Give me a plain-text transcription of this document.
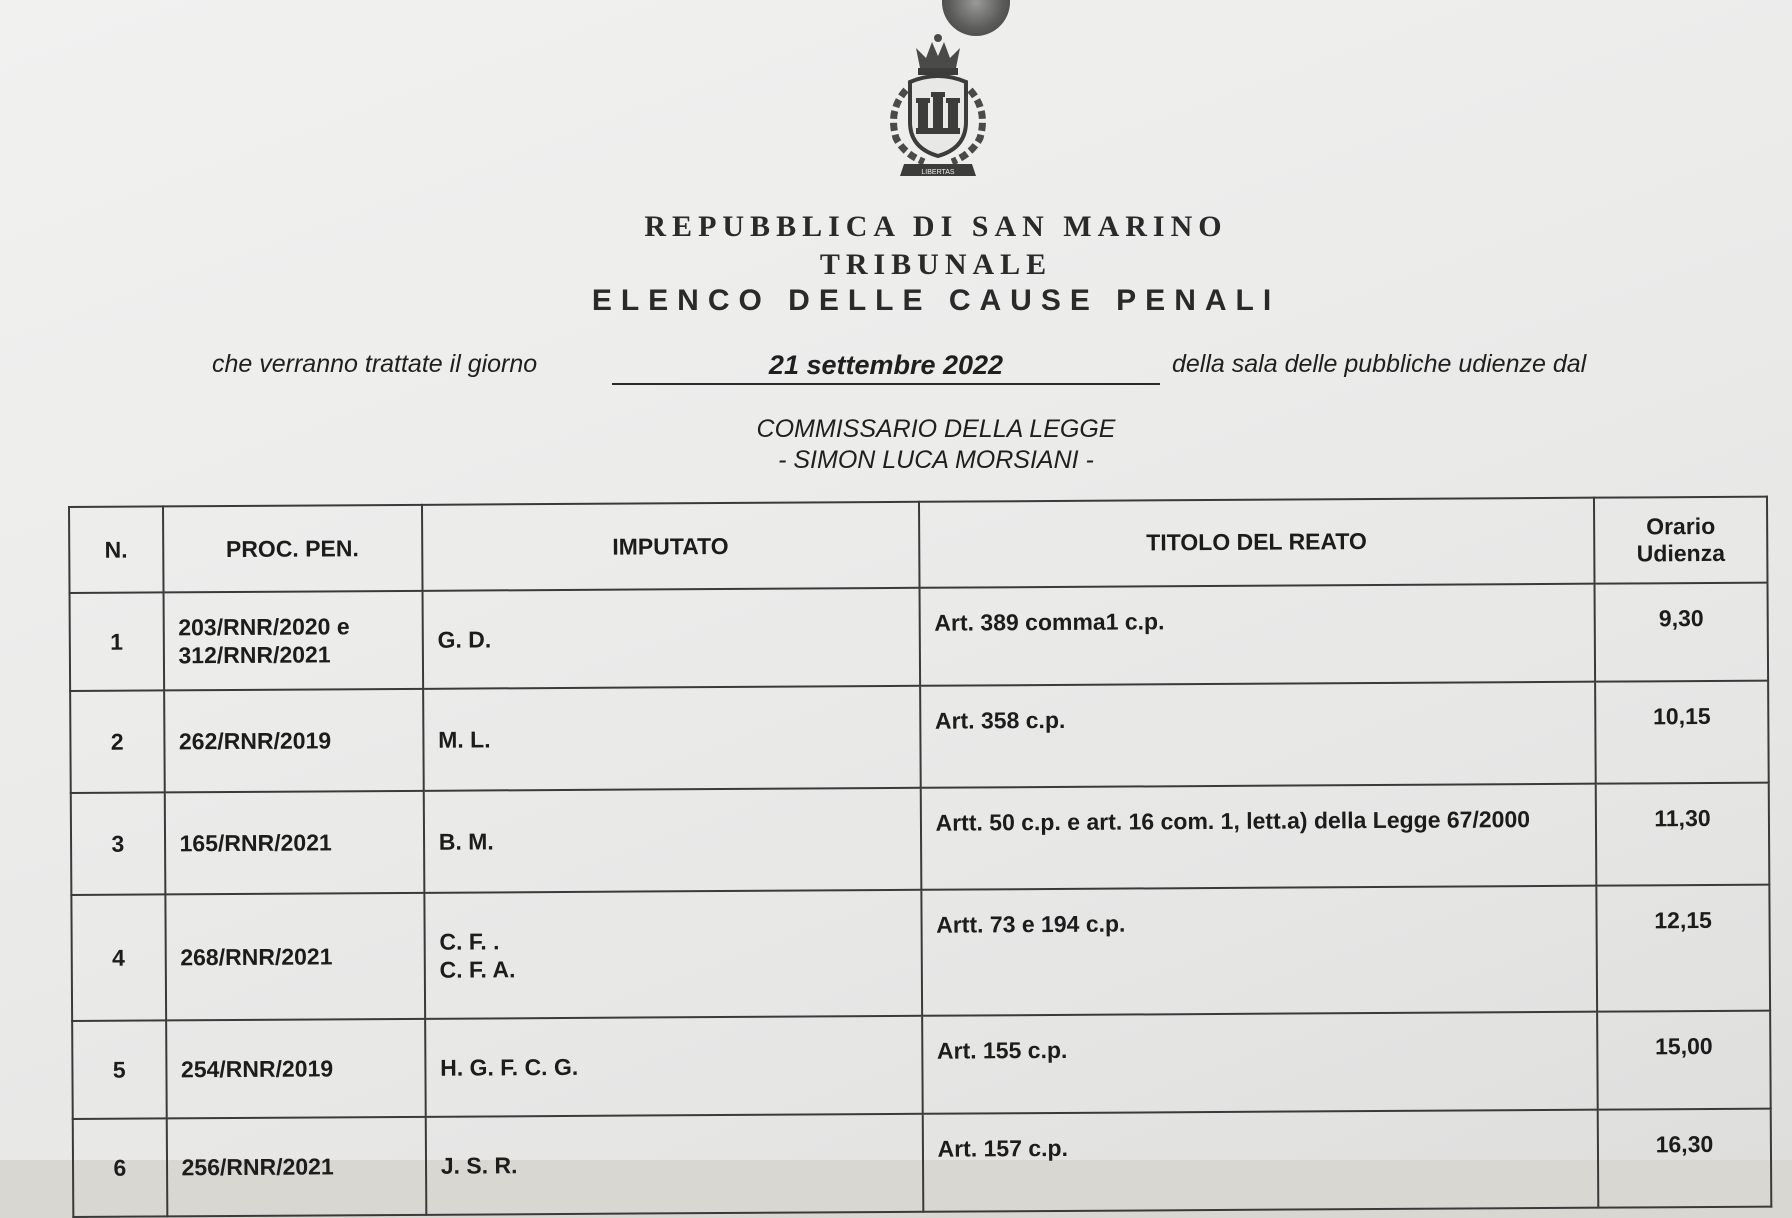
LIBERTAS
REPUBBLICA DI SAN MARINO
TRIBUNALE
ELENCO DELLE CAUSE PENALI
che verranno trattate il giorno	21 settembre 2022	della sala delle pubbliche udienze dal
COMMISSARIO DELLA LEGGE
- SIMON LUCA MORSIANI -
N.	PROC. PEN.	IMPUTATO	TITOLO DEL REATO	Orario
Udienza
1	203/RNR/2020 e 312/RNR/2021	G. D.	Art. 389 comma1 c.p.	9,30
2	262/RNR/2019	M. L.	Art. 358 c.p.	10,15
3	165/RNR/2021	B. M.	Artt. 50 c.p. e art. 16 com. 1, lett.a) della Legge 67/2000	11,30
4	268/RNR/2021	C. F. .
C. F. A.	Artt. 73 e 194 c.p.	12,15
5	254/RNR/2019	H. G. F. C. G.	Art. 155 c.p.	15,00
6	256/RNR/2021	J. S. R.	Art. 157 c.p.	16,30
